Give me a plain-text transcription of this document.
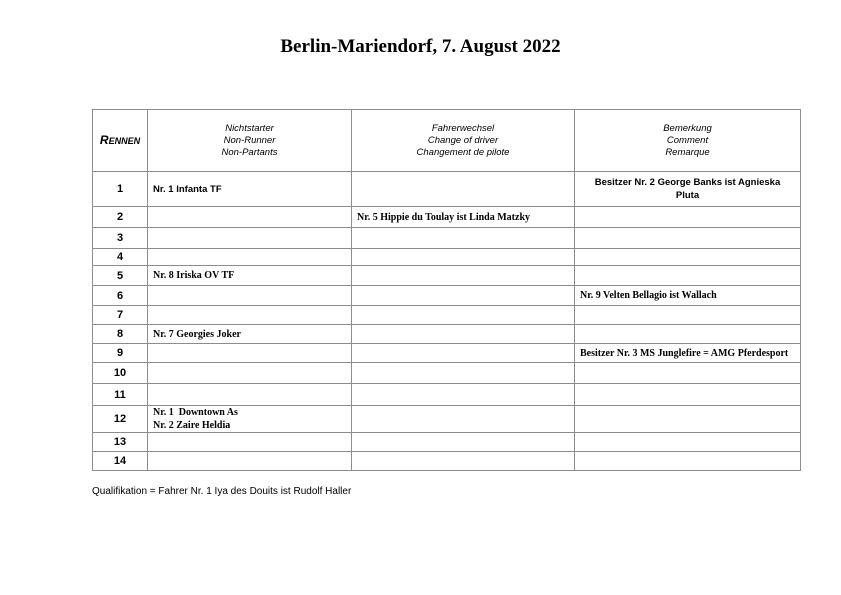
Berlin-Mariendorf, 7. August 2022
RENNEN	Nichtstarter
Non-Runner
Non-Partants	Fahrerwechsel
Change of driver
Changement de pilote	Bemerkung
Comment
Remarque

1	Nr. 1 Infanta TF		Besitzer Nr. 2 George Banks ist Agnieska
Pluta

2		Nr. 5 Hippie du Toulay ist Linda Matzky	

3			
4			
5	Nr. 8 Iriska OV TF		

6			Nr. 9 Velten Bellagio ist Wallach

7			
8	Nr. 7 Georgies Joker		

9			Besitzer Nr. 3 MS Junglefire = AMG Pferdesport

10			
11			
12	Nr. 1  Downtown As
Nr. 2 Zaire Heldia		

13			
14			
Qualifikation = Fahrer Nr. 1 Iya des Douits ist Rudolf Haller
